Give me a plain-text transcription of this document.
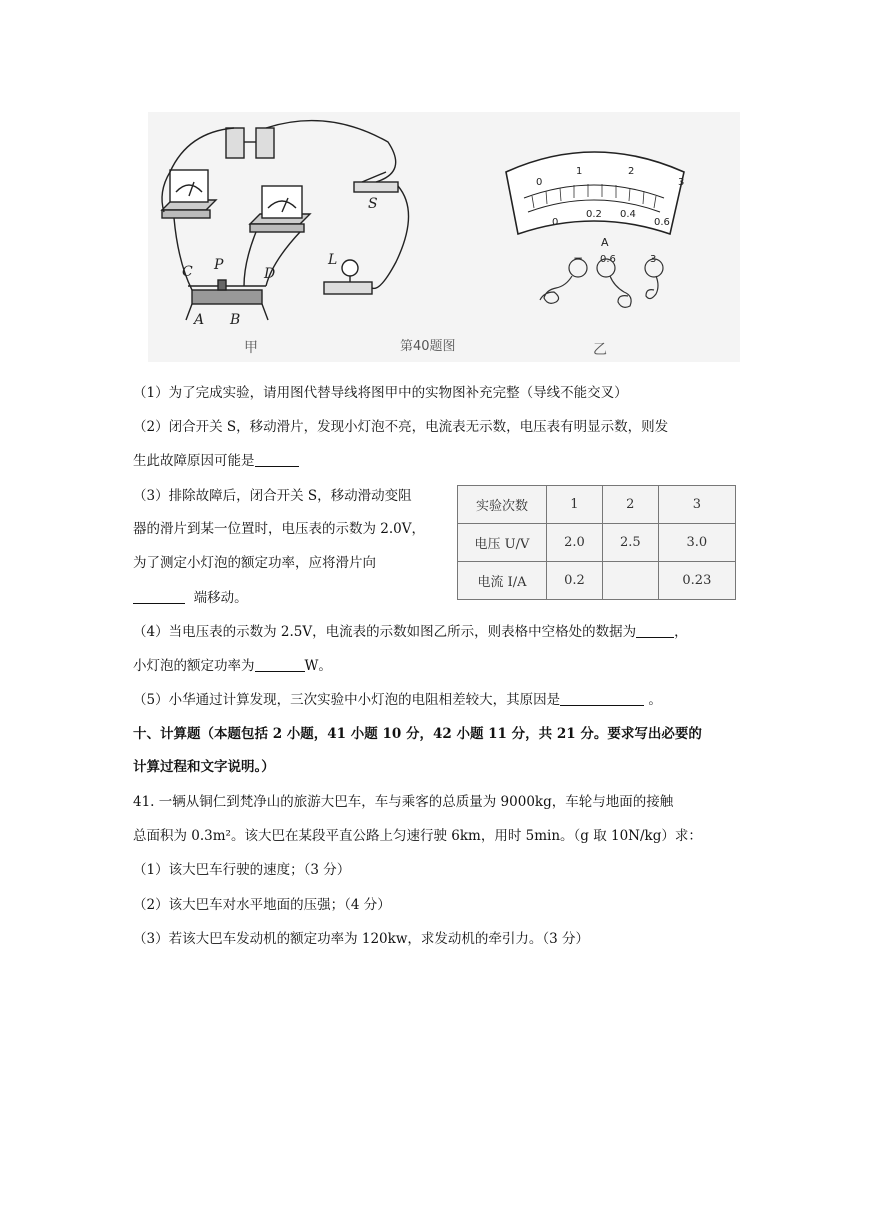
C P
D
A B
S
L
0
1	2
3
0
0.2 0.4
0.6
A
− 0.6	3
甲	第40题图	乙
（1）为了完成实验，请用图代替导线将图甲中的实物图补充完整（导线不能交叉）
（2）闭合开关 S，移动滑片，发现小灯泡不亮，电流表无示数，电压表有明显示数，则发
生此故障原因可能是
（3）排除故障后，闭合开关 S，移动滑动变阻
器的滑片到某一位置时，电压表的示数为 2.0V，
为了测定小灯泡的额定功率，应将滑片向
端移动。
实验次数	1	2	3
电压 U/V	2.0	2.5	3.0
电流 I/A	0.2		0.23
（4）当电压表的示数为 2.5V，电流表的示数如图乙所示，则表格中空格处的数据为	，
小灯泡的额定功率为	W。
（5）小华通过计算发现，三次实验中小灯泡的电阻相差较大，其原因是	。
十、计算题（本题包括 2 小题，41 小题 10 分，42 小题 11 分，共 21 分。要求写出必要的
计算过程和文字说明。）
41. 一辆从铜仁到梵净山的旅游大巴车，车与乘客的总质量为 9000kg，车轮与地面的接触
总面积为 0.3m²。该大巴在某段平直公路上匀速行驶 6km，用时 5min。（g 取 10N/kg）求：
（1）该大巴车行驶的速度；（3 分）
（2）该大巴车对水平地面的压强；（4 分）
（3）若该大巴车发动机的额定功率为 120kw，求发动机的牵引力。（3 分）
